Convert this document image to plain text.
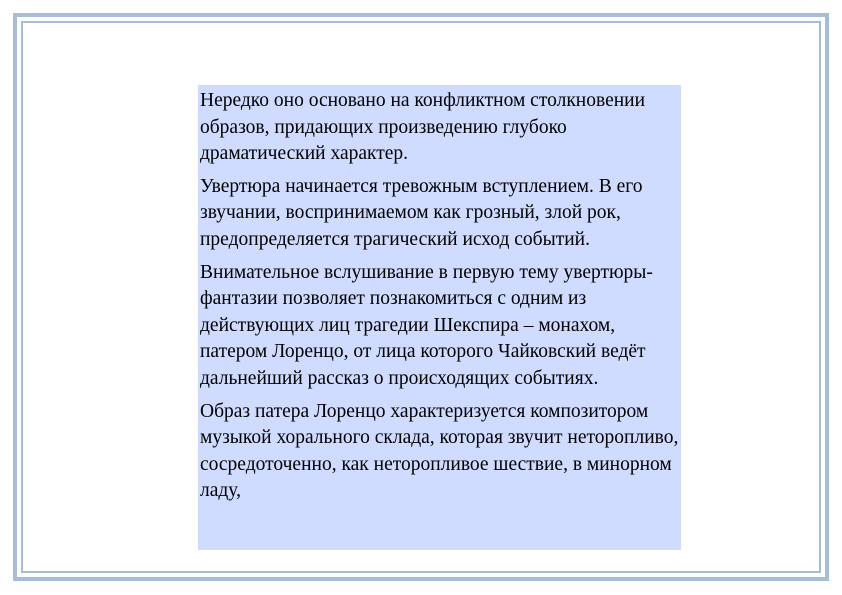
Нередко оно основано на конфликтном столкновении образов, придающих произведению глубоко драматический характер.

Увертюра начинается тревожным вступлением. В его звучании, воспринимаемом как грозный, злой рок, предопределяется трагический исход событий.

Внимательное вслушивание в первую тему увертюры-фантазии позволяет познакомиться с одним из действующих лиц трагедии Шекспира – монахом, патером Лоренцо, от лица которого Чайковский ведёт дальнейший рассказ о происходящих событиях.

Образ патера Лоренцо характеризуется композитором музыкой хорального склада, которая звучит неторопливо, сосредоточенно, как неторопливое шествие, в минорном ладу,
